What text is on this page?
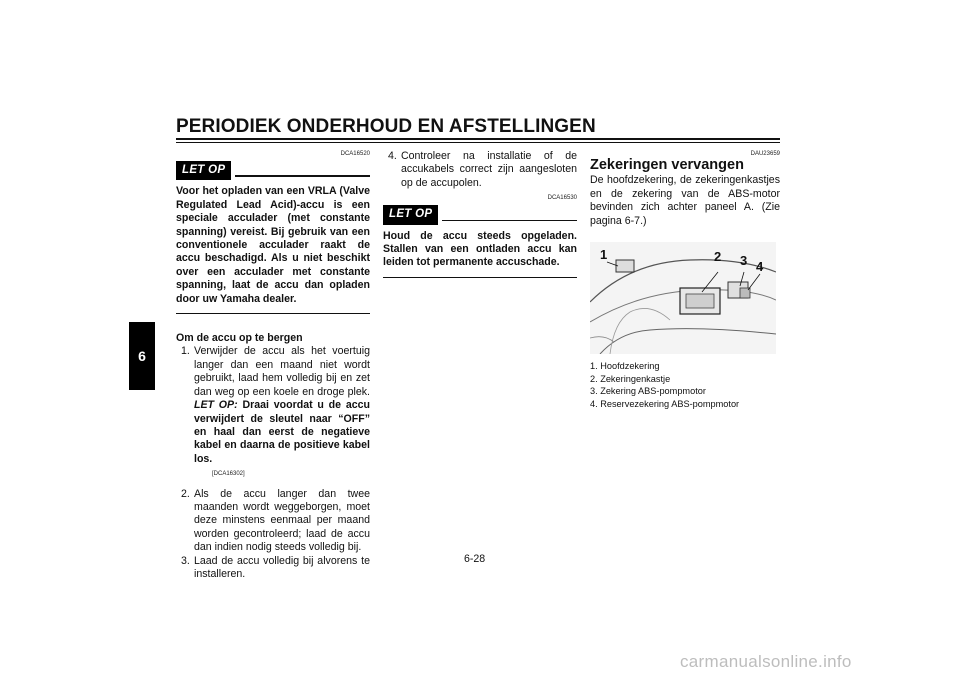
PERIODIEK ONDERHOUD EN AFSTELLINGEN
6

DCA16520

LET OP

Voor het opladen van een VRLA (Valve Regulated Lead Acid)-accu is een speciale acculader (met constante spanning) vereist. Bij gebruik van een conventionele acculader raakt de accu beschadigd. Als u niet beschikt over een acculader met constante spanning, laat de accu dan opladen door uw Yamaha dealer.

Om de accu op te bergen

1. Verwijder de accu als het voertuig langer dan een maand niet wordt gebruikt, laad hem volledig bij en zet dan weg op een koele en droge plek. LET OP: Draai voordat u de accu verwijdert de sleutel naar “OFF” en haal dan eerst de negatieve kabel en daarna de positieve kabel los.
[DCA16302]
2. Als de accu langer dan twee maanden wordt weggeborgen, moet deze minstens eenmaal per maand worden gecontroleerd; laad de accu dan indien nodig steeds volledig bij.
3. Laad de accu volledig bij alvorens te installeren.
4. Controleer na installatie of de accukabels correct zijn aangesloten op de accupolen.

DCA16530

LET OP

Houd de accu steeds opgeladen. Stallen van een ontladen accu kan leiden tot permanente accuschade.

DAU23659

Zekeringen vervangen

De hoofdzekering, de zekeringenkastjes en de zekering van de ABS-motor bevinden zich achter paneel A. (Zie pagina 6-7.)

1	2 3 4
1. Hoofdzekering
2. Zekeringenkastje
3. Zekering ABS-pompmotor
4. Reservezekering ABS-pompmotor
6-28
carmanualsonline.info
